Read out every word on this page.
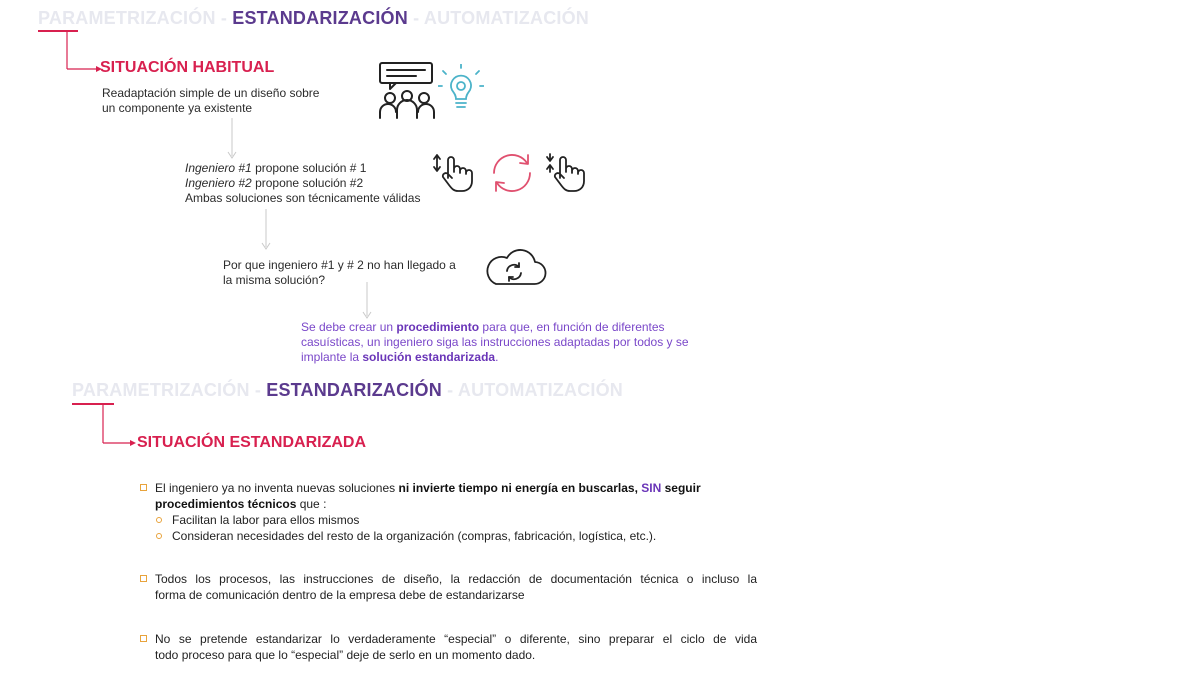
PARAMETRIZACIÓN - ESTANDARIZACIÓN - AUTOMATIZACIÓN
SITUACIÓN HABITUAL
Readaptación simple de un diseño sobre
un componente ya existente
Ingeniero #1 propone solución # 1
Ingeniero #2 propone solución #2
Ambas soluciones son técnicamente válidas
Por que ingeniero #1 y # 2 no han llegado a
la misma solución?
Se debe crear un procedimiento para que, en función de diferentes
casuísticas, un ingeniero siga las instrucciones adaptadas por todos y se
implante la solución estandarizada.
PARAMETRIZACIÓN - ESTANDARIZACIÓN - AUTOMATIZACIÓN
SITUACIÓN ESTANDARIZADA
El ingeniero ya no inventa nuevas soluciones ni invierte tiempo ni energía en buscarlas, SIN seguir
procedimientos técnicos que :
Facilitan la labor para ellos mismos
Consideran necesidades del resto de la organización (compras, fabricación, logística, etc.).
Todos los procesos, las instrucciones de diseño, la redacción de documentación técnica o incluso la
forma de comunicación dentro de la empresa debe de estandarizarse
No se pretende estandarizar lo verdaderamente “especial” o diferente, sino preparar el ciclo de vida
todo proceso para que lo “especial” deje de serlo en un momento dado.
